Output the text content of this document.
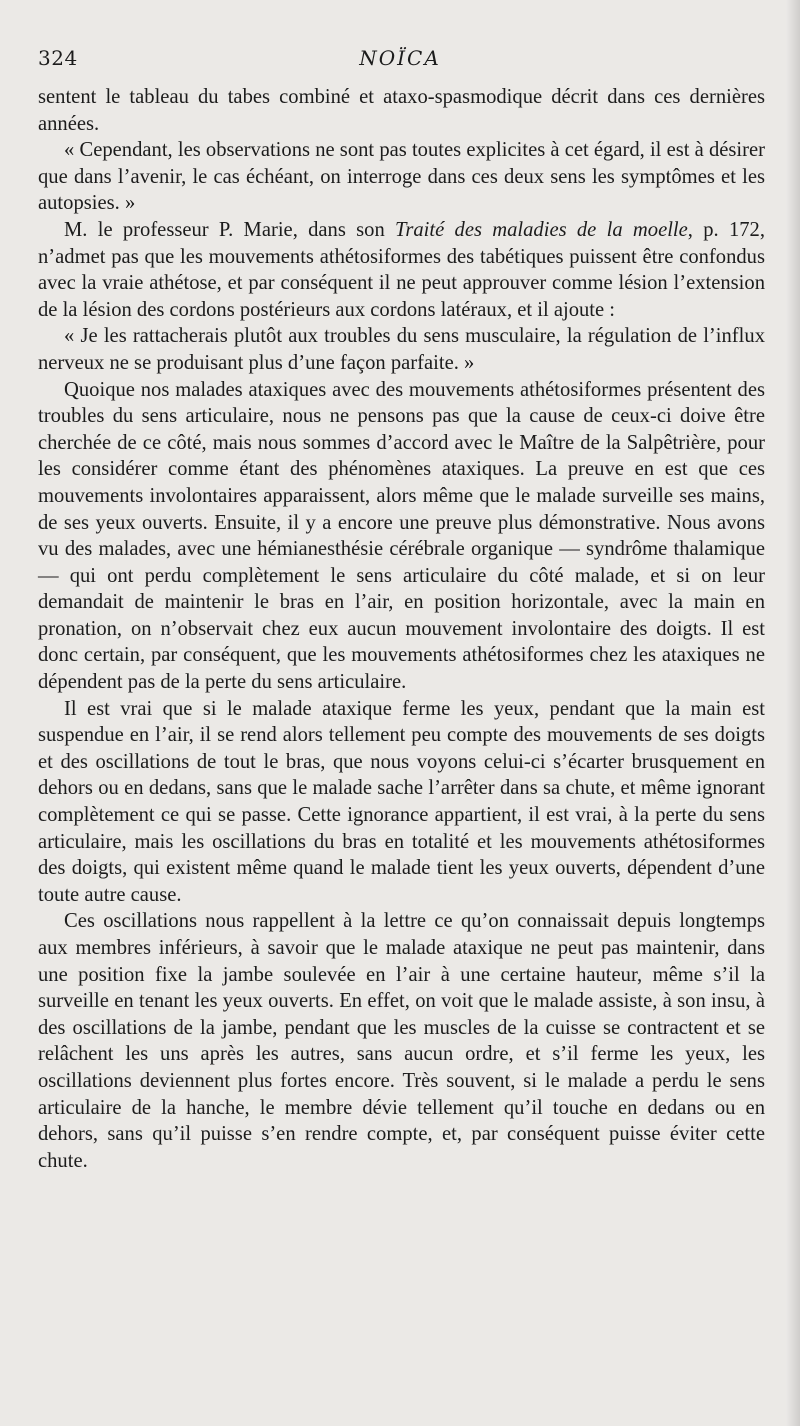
324	NOÏCA

sentent le tableau du tabes combiné et ataxo-spasmodique décrit dans ces dernières années.

« Cependant, les observations ne sont pas toutes explicites à cet égard, il est à désirer que dans l’avenir, le cas échéant, on interroge dans ces deux sens les symptômes et les autopsies. »

M. le professeur P. Marie, dans son Traité des maladies de la moelle, p. 172, n’admet pas que les mouvements athétosiformes des tabétiques puissent être confondus avec la vraie athétose, et par conséquent il ne peut approuver comme lésion l’extension de la lésion des cordons postérieurs aux cordons latéraux, et il ajoute :

« Je les rattacherais plutôt aux troubles du sens musculaire, la régulation de l’influx nerveux ne se produisant plus d’une façon parfaite. »

Quoique nos malades ataxiques avec des mouvements athétosiformes présentent des troubles du sens articulaire, nous ne pensons pas que la cause de ceux-ci doive être cherchée de ce côté, mais nous sommes d’accord avec le Maître de la Salpêtrière, pour les considérer comme étant des phénomènes ataxiques. La preuve en est que ces mouvements involontaires apparaissent, alors même que le malade surveille ses mains, de ses yeux ouverts. Ensuite, il y a encore une preuve plus démonstrative. Nous avons vu des malades, avec une hémianesthésie cérébrale organique — syndrôme thalamique — qui ont perdu complètement le sens articulaire du côté malade, et si on leur demandait de maintenir le bras en l’air, en position horizontale, avec la main en pronation, on n’observait chez eux aucun mouvement involontaire des doigts. Il est donc certain, par conséquent, que les mouvements athétosiformes chez les ataxiques ne dépendent pas de la perte du sens articulaire.

Il est vrai que si le malade ataxique ferme les yeux, pendant que la main est suspendue en l’air, il se rend alors tellement peu compte des mouvements de ses doigts et des oscillations de tout le bras, que nous voyons celui-ci s’écarter brusquement en dehors ou en dedans, sans que le malade sache l’arrêter dans sa chute, et même ignorant complètement ce qui se passe. Cette ignorance appartient, il est vrai, à la perte du sens articulaire, mais les oscillations du bras en totalité et les mouvements athétosiformes des doigts, qui existent même quand le malade tient les yeux ouverts, dépendent d’une toute autre cause.

Ces oscillations nous rappellent à la lettre ce qu’on connaissait depuis longtemps aux membres inférieurs, à savoir que le malade ataxique ne peut pas maintenir, dans une position fixe la jambe soulevée en l’air à une certaine hauteur, même s’il la surveille en tenant les yeux ouverts. En effet, on voit que le malade assiste, à son insu, à des oscillations de la jambe, pendant que les muscles de la cuisse se contractent et se relâchent les uns après les autres, sans aucun ordre, et s’il ferme les yeux, les oscillations deviennent plus fortes encore. Très souvent, si le malade a perdu le sens articulaire de la hanche, le membre dévie tellement qu’il touche en dedans ou en dehors, sans qu’il puisse s’en rendre compte, et, par conséquent puisse éviter cette chute.
